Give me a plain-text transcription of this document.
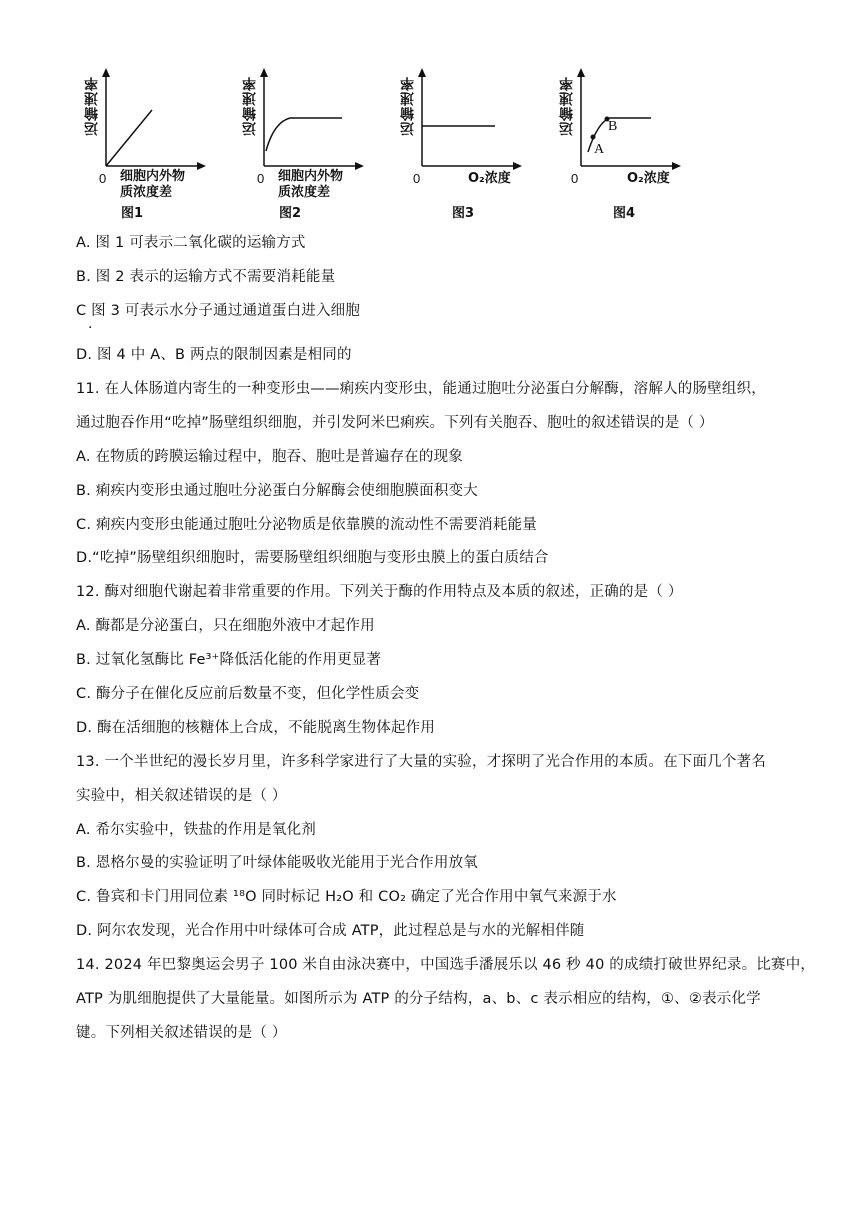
运输速率
0 细胞内外物
质浓度差
图1
运输速率
0 细胞内外物
质浓度差
图2
运输速率
0	O₂浓度
图3
运输速率
A
B
0	O₂浓度
图4
A. 图 1 可表示二氧化碳的运输方式
B. 图 2 表示的运输方式不需要消耗能量
C 图 3 可表示水分子通过通道蛋白进入细胞
·
D. 图 4 中 A、B 两点的限制因素是相同的
11. 在人体肠道内寄生的一种变形虫——痢疾内变形虫，能通过胞吐分泌蛋白分解酶，溶解人的肠壁组织，
通过胞吞作用“吃掉”肠壁组织细胞，并引发阿米巴痢疾。下列有关胞吞、胞吐的叙述错误的是（ ）
A. 在物质的跨膜运输过程中，胞吞、胞吐是普遍存在的现象
B. 痢疾内变形虫通过胞吐分泌蛋白分解酶会使细胞膜面积变大
C. 痢疾内变形虫能通过胞吐分泌物质是依靠膜的流动性不需要消耗能量
D.“吃掉”肠壁组织细胞时，需要肠壁组织细胞与变形虫膜上的蛋白质结合
12. 酶对细胞代谢起着非常重要的作用。下列关于酶的作用特点及本质的叙述，正确的是（ ）
A. 酶都是分泌蛋白，只在细胞外液中才起作用
B. 过氧化氢酶比 Fe³⁺降低活化能的作用更显著
C. 酶分子在催化反应前后数量不变，但化学性质会变
D. 酶在活细胞的核糖体上合成，不能脱离生物体起作用
13. 一个半世纪的漫长岁月里，许多科学家进行了大量的实验，才探明了光合作用的本质。在下面几个著名
实验中，相关叙述错误的是（ ）
A. 希尔实验中，铁盐的作用是氧化剂
B. 恩格尔曼的实验证明了叶绿体能吸收光能用于光合作用放氧
C. 鲁宾和卡门用同位素 ¹⁸O 同时标记 H₂O 和 CO₂ 确定了光合作用中氧气来源于水
D. 阿尔农发现，光合作用中叶绿体可合成 ATP，此过程总是与水的光解相伴随
14. 2024 年巴黎奥运会男子 100 米自由泳决赛中，中国选手潘展乐以 46 秒 40 的成绩打破世界纪录。比赛中，
ATP 为肌细胞提供了大量能量。如图所示为 ATP 的分子结构，a、b、c 表示相应的结构，①、②表示化学
键。下列相关叙述错误的是（ ）
